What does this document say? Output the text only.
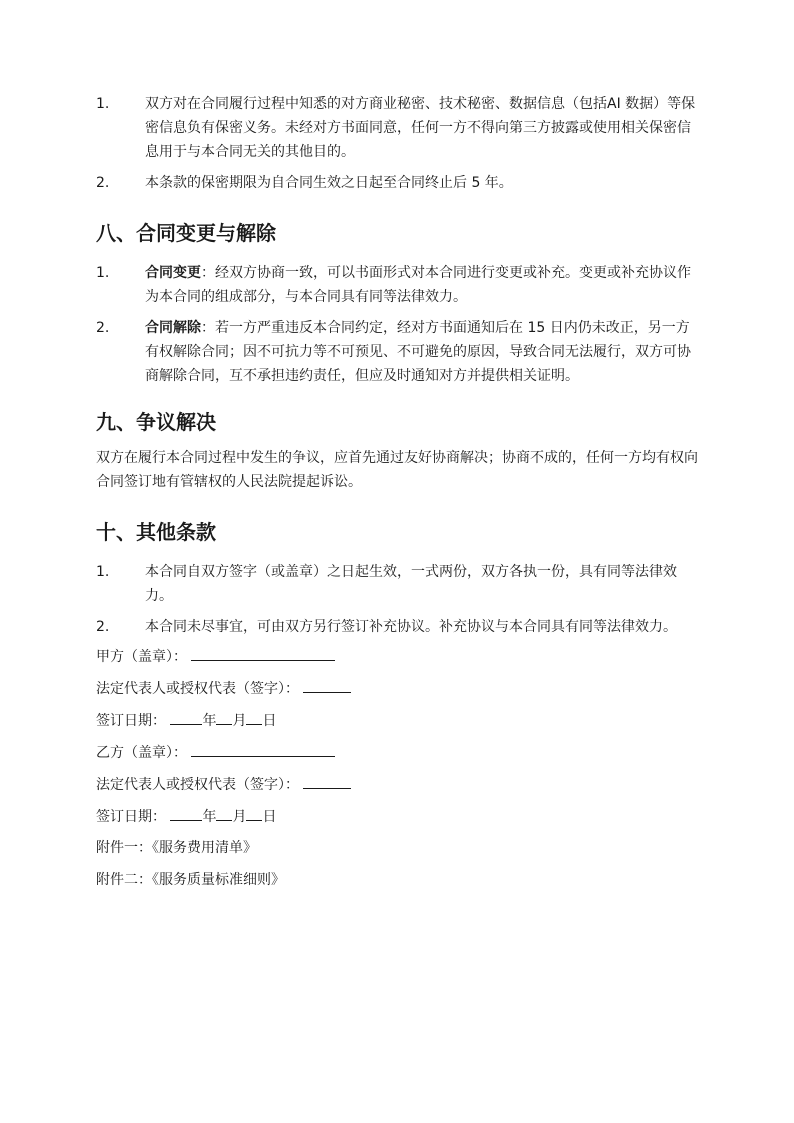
1.	双方对在合同履行过程中知悉的对方商业秘密、技术秘密、数据信息（包括AI 数据）等保密信息负有保密义务。未经对方书面同意，任何一方不得向第三方披露或使用相关保密信息用于与本合同无关的其他目的。
2.	本条款的保密期限为自合同生效之日起至合同终止后 5 年。
八、合同变更与解除
1.	合同变更：经双方协商一致，可以书面形式对本合同进行变更或补充。变更或补充协议作为本合同的组成部分，与本合同具有同等法律效力。
2.	合同解除：若一方严重违反本合同约定，经对方书面通知后在 15 日内仍未改正，另一方有权解除合同；因不可抗力等不可预见、不可避免的原因，导致合同无法履行，双方可协商解除合同，互不承担违约责任，但应及时通知对方并提供相关证明。
九、争议解决

双方在履行本合同过程中发生的争议，应首先通过友好协商解决；协商不成的，任何一方均有权向合同签订地有管辖权的人民法院提起诉讼。

十、其他条款
1.	本合同自双方签字（或盖章）之日起生效，一式两份，双方各执一份，具有同等法律效力。
2.	本合同未尽事宜，可由双方另行签订补充协议。补充协议与本合同具有同等法律效力。

甲方（盖章）：

法定代表人或授权代表（签字）：

签订日期：	年 月 日

乙方（盖章）：

法定代表人或授权代表（签字）：

签订日期：	年 月 日

附件一：《服务费用清单》

附件二：《服务质量标准细则》
